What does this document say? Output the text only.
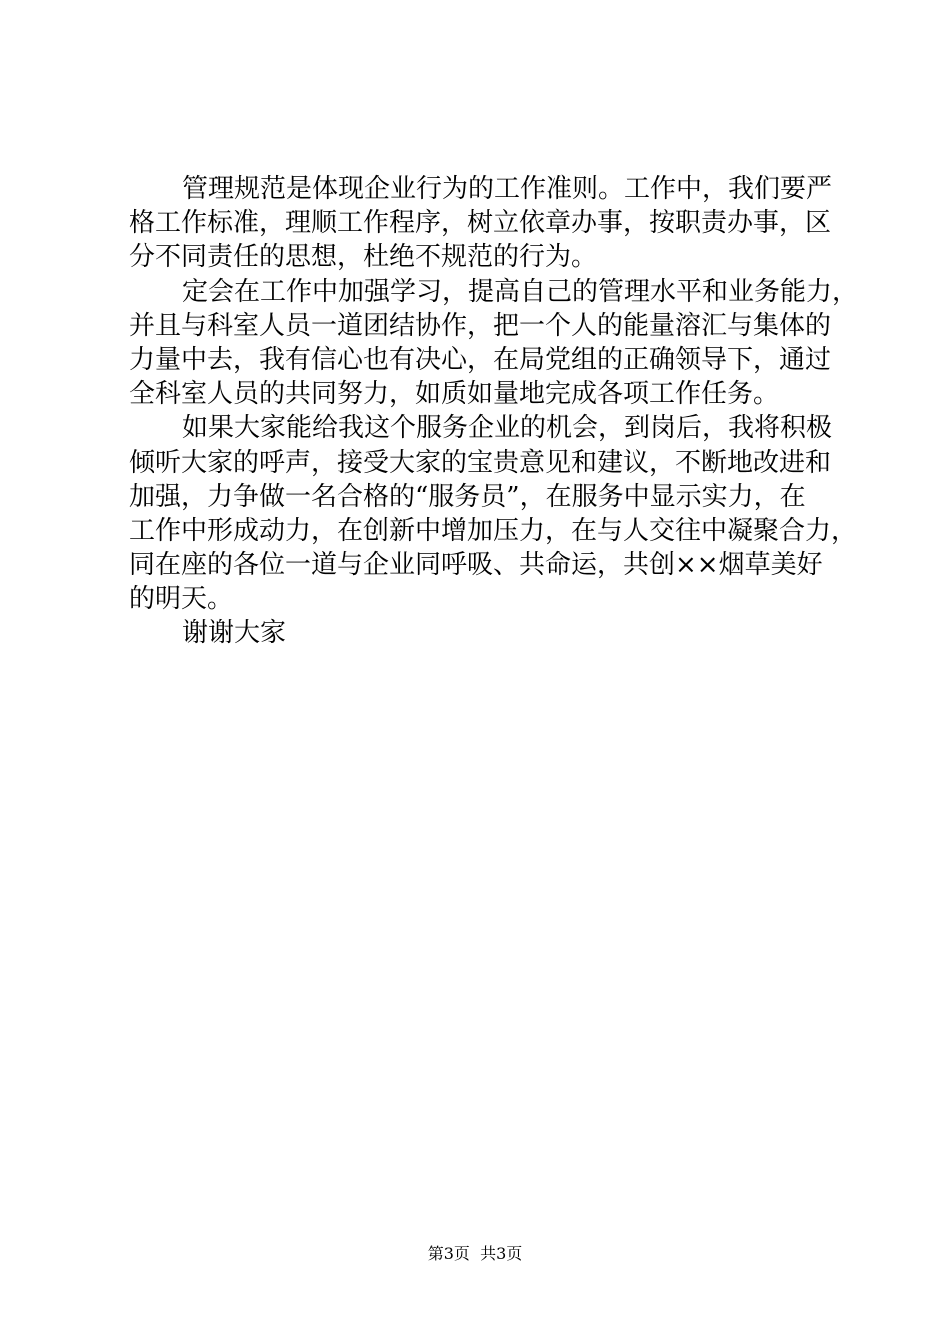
管理规范是体现企业行为的工作准则。工作中，我们要严
格工作标准，理顺工作程序，树立依章办事，按职责办事，区
分不同责任的思想，杜绝不规范的行为。
定会在工作中加强学习，提高自己的管理水平和业务能力，
并且与科室人员一道团结协作，把一个人的能量溶汇与集体的
力量中去，我有信心也有决心，在局党组的正确领导下，通过
全科室人员的共同努力，如质如量地完成各项工作任务。
如果大家能给我这个服务企业的机会，到岗后，我将积极
倾听大家的呼声，接受大家的宝贵意见和建议，不断地改进和
加强，力争做一名合格的“服务员”，在服务中显示实力，在
工作中形成动力，在创新中增加压力，在与人交往中凝聚合力，
同在座的各位一道与企业同呼吸、共命运，共创××烟草美好
的明天。
谢谢大家
第3页  共3页
